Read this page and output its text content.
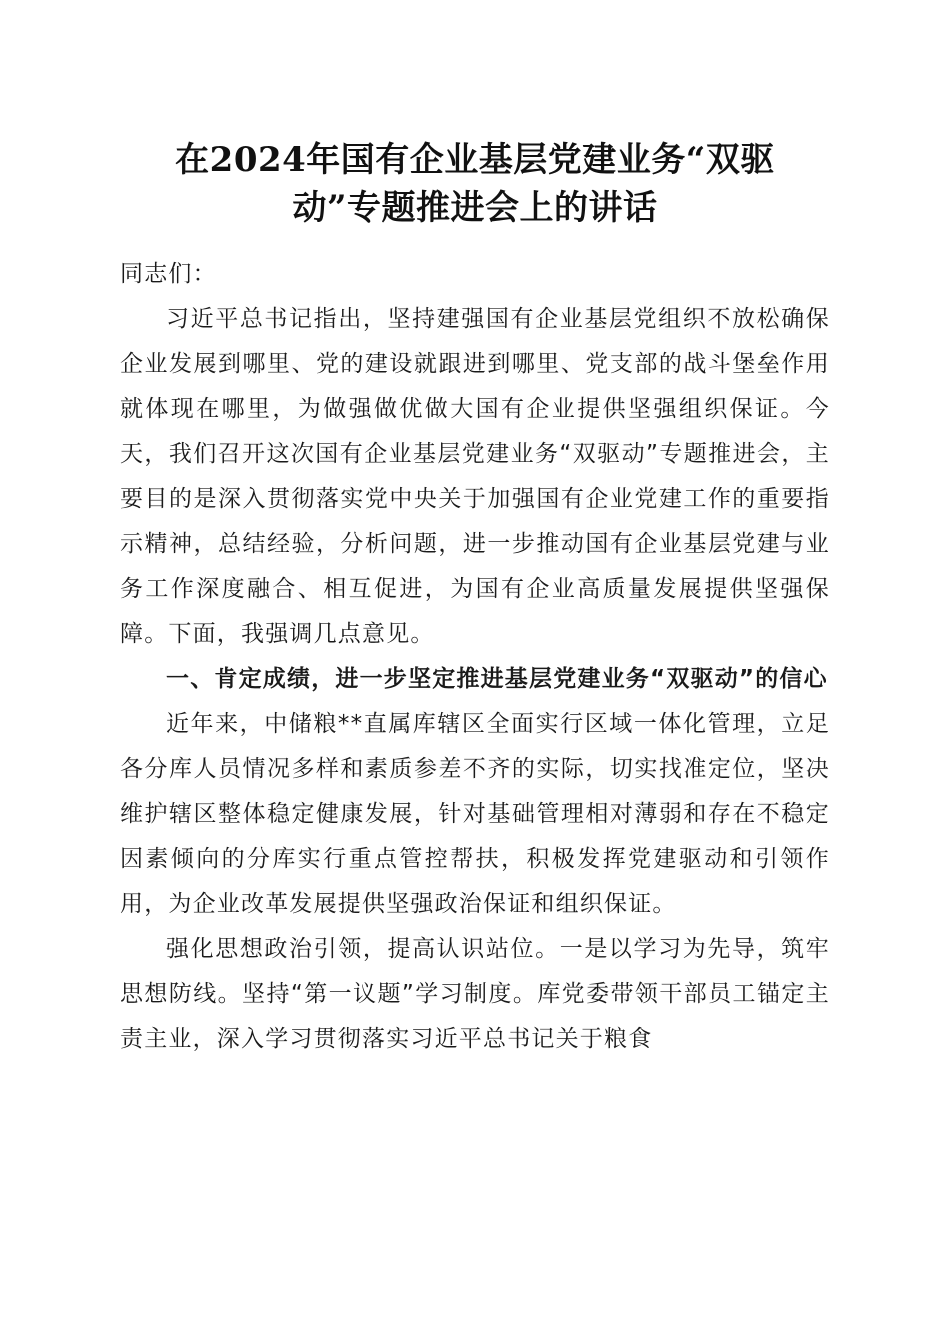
在2024年国有企业基层党建业务“双驱
动”专题推进会上的讲话

同志们：

习近平总书记指出，坚持建强国有企业基层党组织不放松确保企业发展到哪里、党的建设就跟进到哪里、党支部的战斗堡垒作用就体现在哪里，为做强做优做大国有企业提供坚强组织保证。今天，我们召开这次国有企业基层党建业务“双驱动”专题推进会，主要目的是深入贯彻落实党中央关于加强国有企业党建工作的重要指示精神，总结经验，分析问题，进一步推动国有企业基层党建与业务工作深度融合、相互促进，为国有企业高质量发展提供坚强保障。下面，我强调几点意见。

一、肯定成绩，进一步坚定推进基层党建业务“双驱动”的信心

近年来，中储粮**直属库辖区全面实行区域一体化管理，立足各分库人员情况多样和素质参差不齐的实际，切实找准定位，坚决维护辖区整体稳定健康发展，针对基础管理相对薄弱和存在不稳定因素倾向的分库实行重点管控帮扶，积极发挥党建驱动和引领作用，为企业改革发展提供坚强政治保证和组织保证。

强化思想政治引领，提高认识站位。一是以学习为先导，筑牢思想防线。坚持“第一议题”学习制度。库党委带领干部员工锚定主责主业，深入学习贯彻落实习近平总书记关于粮食
